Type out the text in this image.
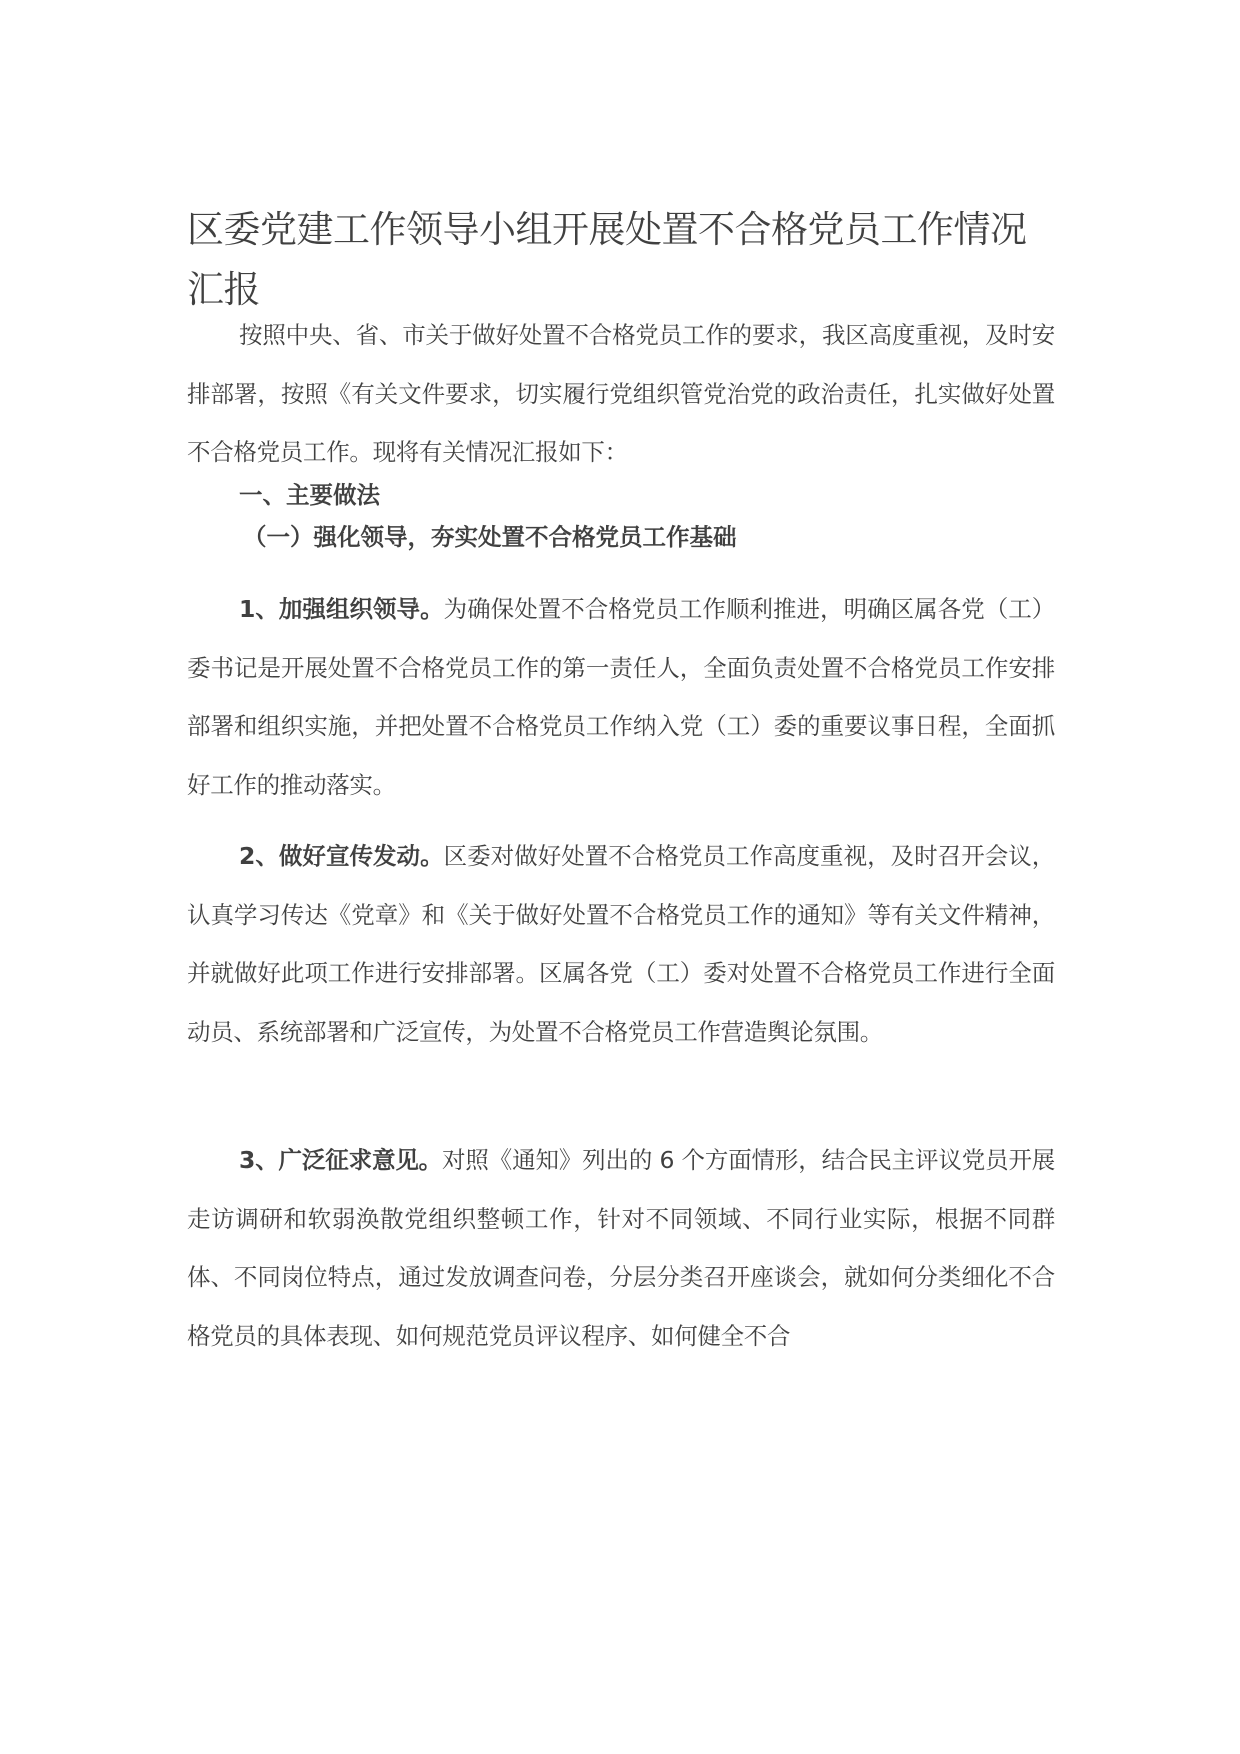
区委党建工作领导小组开展处置不合格党员工作情况汇报

按照中央、省、市关于做好处置不合格党员工作的要求，我区高度重视，及时安排部署，按照《有关文件要求，切实履行党组织管党治党的政治责任，扎实做好处置不合格党员工作。现将有关情况汇报如下：

一、主要做法
（一）强化领导，夯实处置不合格党员工作基础

1、加强组织领导。为确保处置不合格党员工作顺利推进，明确区属各党（工）委书记是开展处置不合格党员工作的第一责任人，全面负责处置不合格党员工作安排部署和组织实施，并把处置不合格党员工作纳入党（工）委的重要议事日程，全面抓好工作的推动落实。

2、做好宣传发动。区委对做好处置不合格党员工作高度重视，及时召开会议，认真学习传达《党章》和《关于做好处置不合格党员工作的通知》等有关文件精神，并就做好此项工作进行安排部署。区属各党（工）委对处置不合格党员工作进行全面动员、系统部署和广泛宣传，为处置不合格党员工作营造舆论氛围。

3、广泛征求意见。对照《通知》列出的 6 个方面情形，结合民主评议党员开展走访调研和软弱涣散党组织整顿工作，针对不同领域、不同行业实际，根据不同群体、不同岗位特点，通过发放调查问卷，分层分类召开座谈会，就如何分类细化不合格党员的具体表现、如何规范党员评议程序、如何健全不合
